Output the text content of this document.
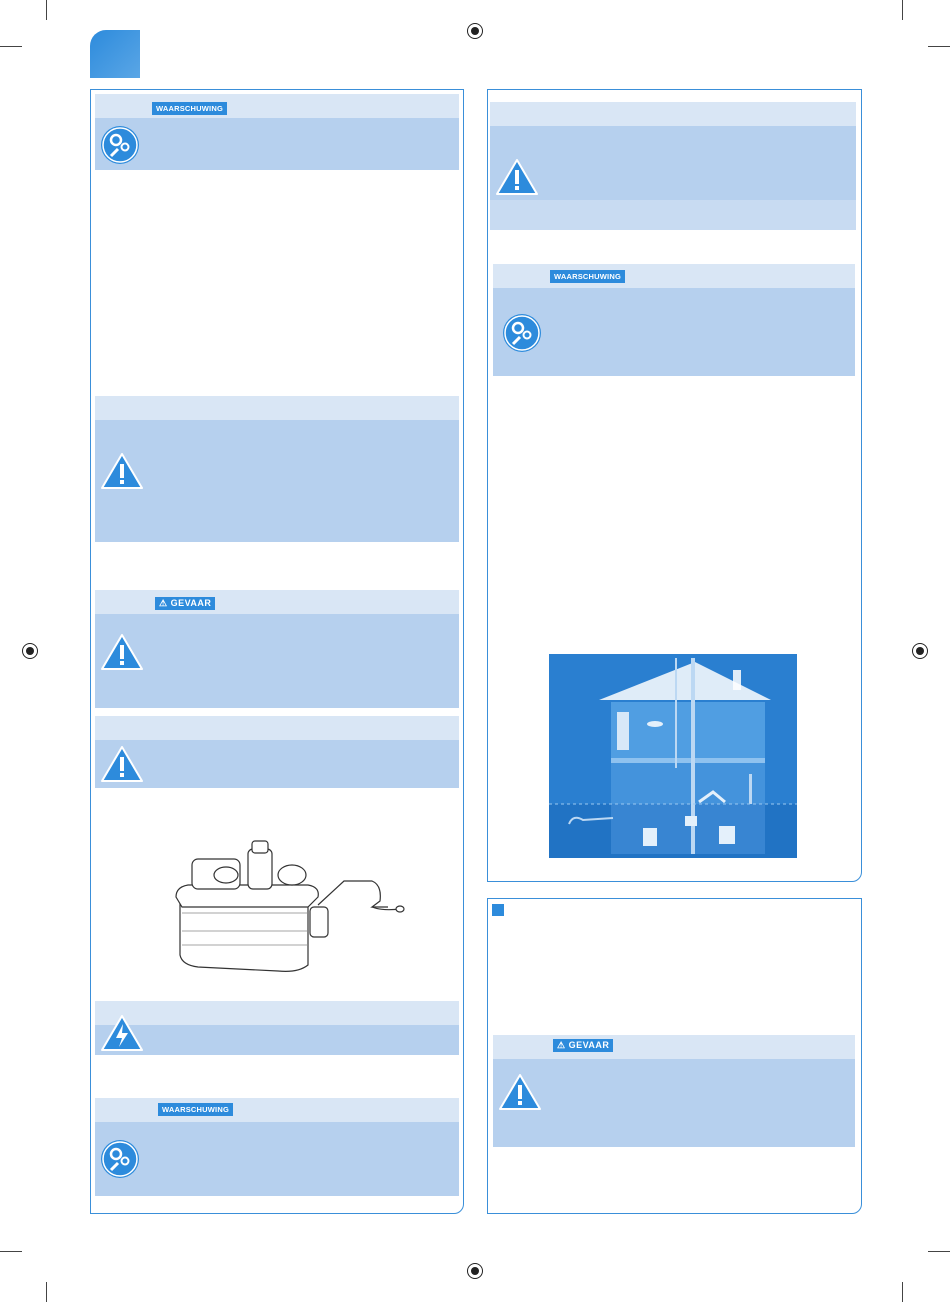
WAARSCHUWING
⚠ GEVAAR
WAARSCHUWING
WAARSCHUWING
⚠ GEVAAR
